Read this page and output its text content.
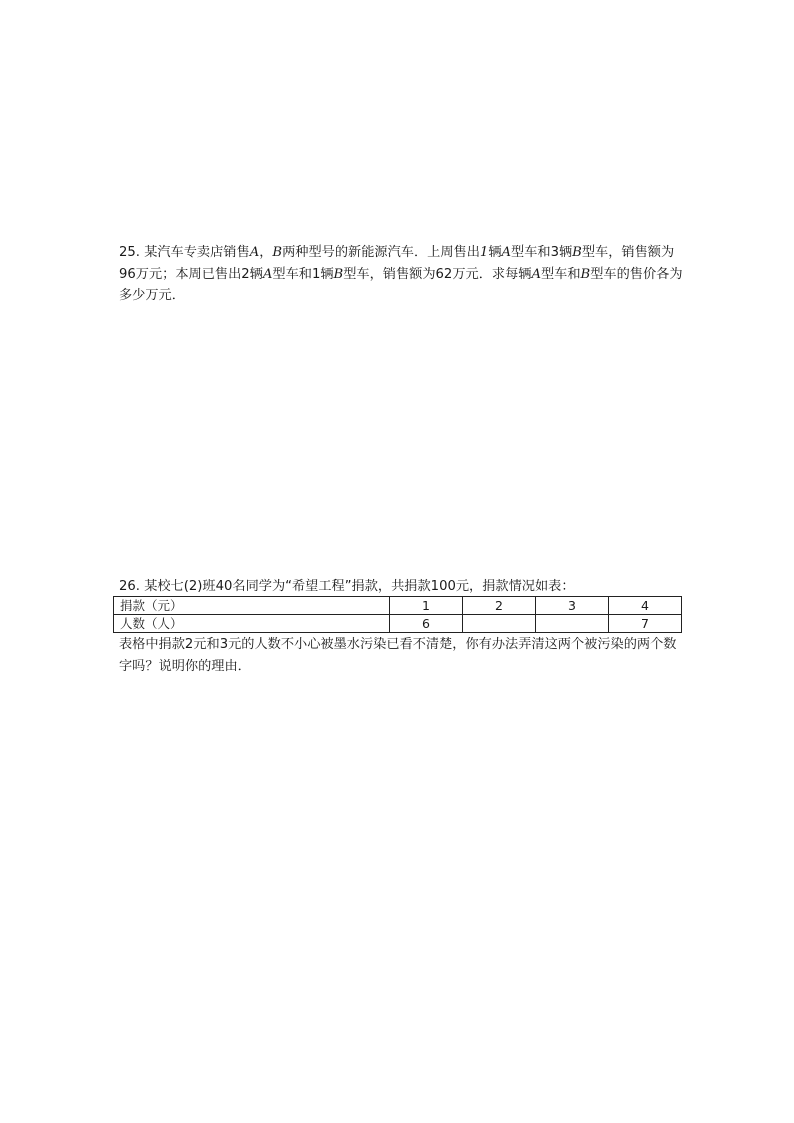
25. 某汽车专卖店销售A，B两种型号的新能源汽车．上周售出1辆A型车和3辆B型车，销售额为96万元；本周已售出2辆A型车和1辆B型车，销售额为62万元．求每辆A型车和B型车的售价各为多少万元．

26. 某校七(2)班40名同学为“希望工程”捐款，共捐款100元，捐款情况如表：

捐款（元）	1	2	3	4
人数（人）	6			7

表格中捐款2元和3元的人数不小心被墨水污染已看不清楚，你有办法弄清这两个被污染的两个数字吗？说明你的理由．
